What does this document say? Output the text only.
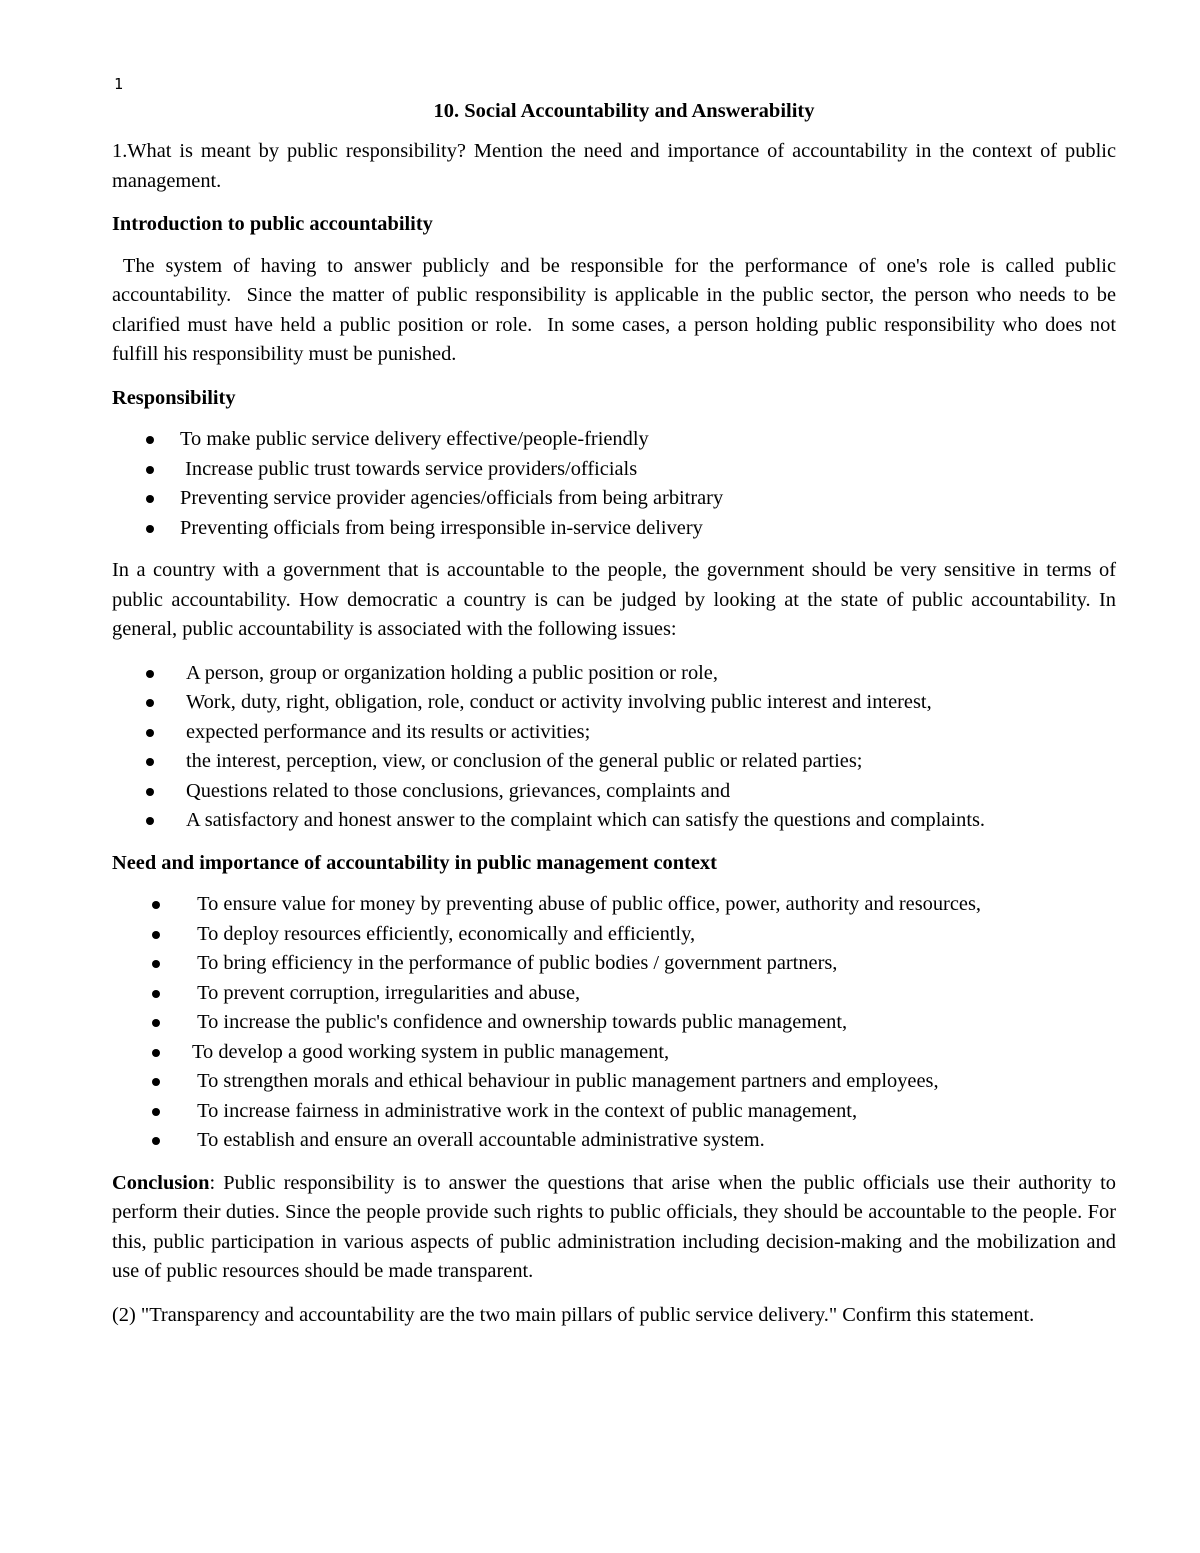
1
10. Social Accountability and Answerability

1.What is meant by public responsibility? Mention the need and importance of accountability in the context of public management.

Introduction to public accountability

The system of having to answer publicly and be responsible for the performance of one's role is called public accountability.  Since the matter of public responsibility is applicable in the public sector, the person who needs to be clarified must have held a public position or role.  In some cases, a person holding public responsibility who does not fulfill his responsibility must be punished.

Responsibility
To make public service delivery effective/people-friendly
Increase public trust towards service providers/officials
Preventing service provider agencies/officials from being arbitrary
Preventing officials from being irresponsible in-service delivery

In a country with a government that is accountable to the people, the government should be very sensitive in terms of public accountability. How democratic a country is can be judged by looking at the state of public accountability. In general, public accountability is associated with the following issues:

A person, group or organization holding a public position or role,
Work, duty, right, obligation, role, conduct or activity involving public interest and interest,
expected performance and its results or activities;
the interest, perception, view, or conclusion of the general public or related parties;
Questions related to those conclusions, grievances, complaints and
A satisfactory and honest answer to the complaint which can satisfy the questions and complaints.
Need and importance of accountability in public management context
To ensure value for money by preventing abuse of public office, power, authority and resources,
To deploy resources efficiently, economically and efficiently,
To bring efficiency in the performance of public bodies / government partners,
To prevent corruption, irregularities and abuse,
To increase the public's confidence and ownership towards public management,
To develop a good working system in public management,
To strengthen morals and ethical behaviour in public management partners and employees,
To increase fairness in administrative work in the context of public management,
To establish and ensure an overall accountable administrative system.

Conclusion: Public responsibility is to answer the questions that arise when the public officials use their authority to perform their duties. Since the people provide such rights to public officials, they should be accountable to the people. For this, public participation in various aspects of public administration including decision-making and the mobilization and use of public resources should be made transparent.

(2) "Transparency and accountability are the two main pillars of public service delivery." Confirm this statement.
